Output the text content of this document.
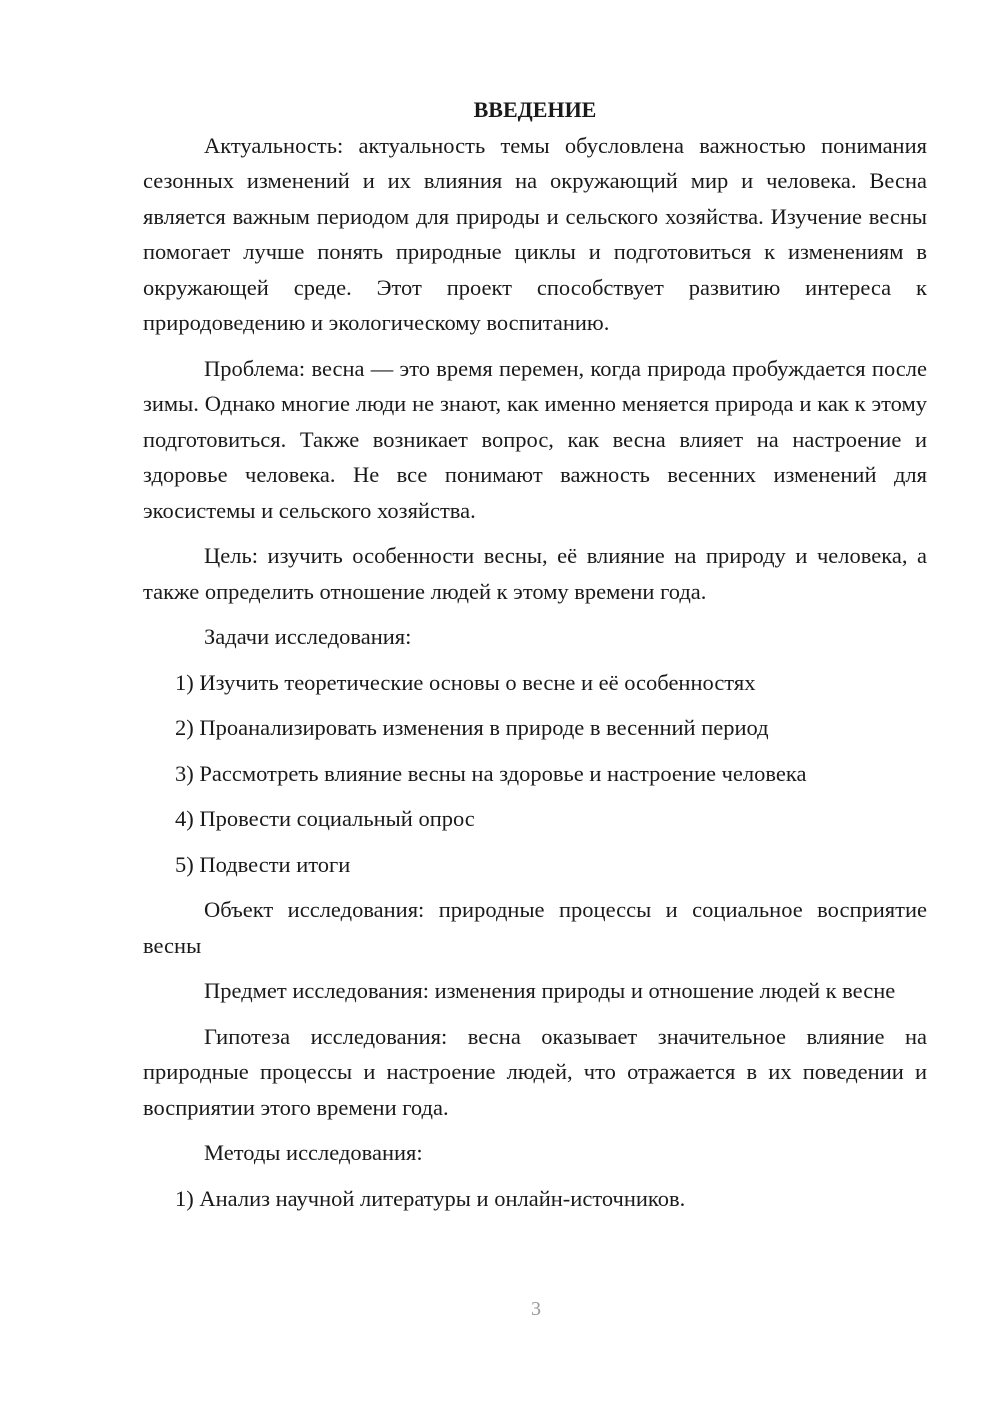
ВВЕДЕНИЕ

Актуальность: актуальность темы обусловлена важностью понимания сезонных изменений и их влияния на окружающий мир и человека. Весна является важным периодом для природы и сельского хозяйства. Изучение весны помогает лучше понять природные циклы и подготовиться к изменениям в окружающей среде. Этот проект способствует развитию интереса к природоведению и экологическому воспитанию.

Проблема: весна — это время перемен, когда природа пробуждается после зимы. Однако многие люди не знают, как именно меняется природа и как к этому подготовиться. Также возникает вопрос, как весна влияет на настроение и здоровье человека. Не все понимают важность весенних изменений для экосистемы и сельского хозяйства.

Цель: изучить особенности весны, её влияние на природу и человека, а также определить отношение людей к этому времени года.

Задачи исследования:

1) Изучить теоретические основы о весне и её особенностях

2) Проанализировать изменения в природе в весенний период

3) Рассмотреть влияние весны на здоровье и настроение человека

4) Провести социальный опрос

5) Подвести итоги

Объект исследования: природные процессы и социальное восприятие весны

Предмет исследования: изменения природы и отношение людей к весне

Гипотеза исследования: весна оказывает значительное влияние на природные процессы и настроение людей, что отражается в их поведении и восприятии этого времени года.

Методы исследования:

1) Анализ научной литературы и онлайн-источников.

3
